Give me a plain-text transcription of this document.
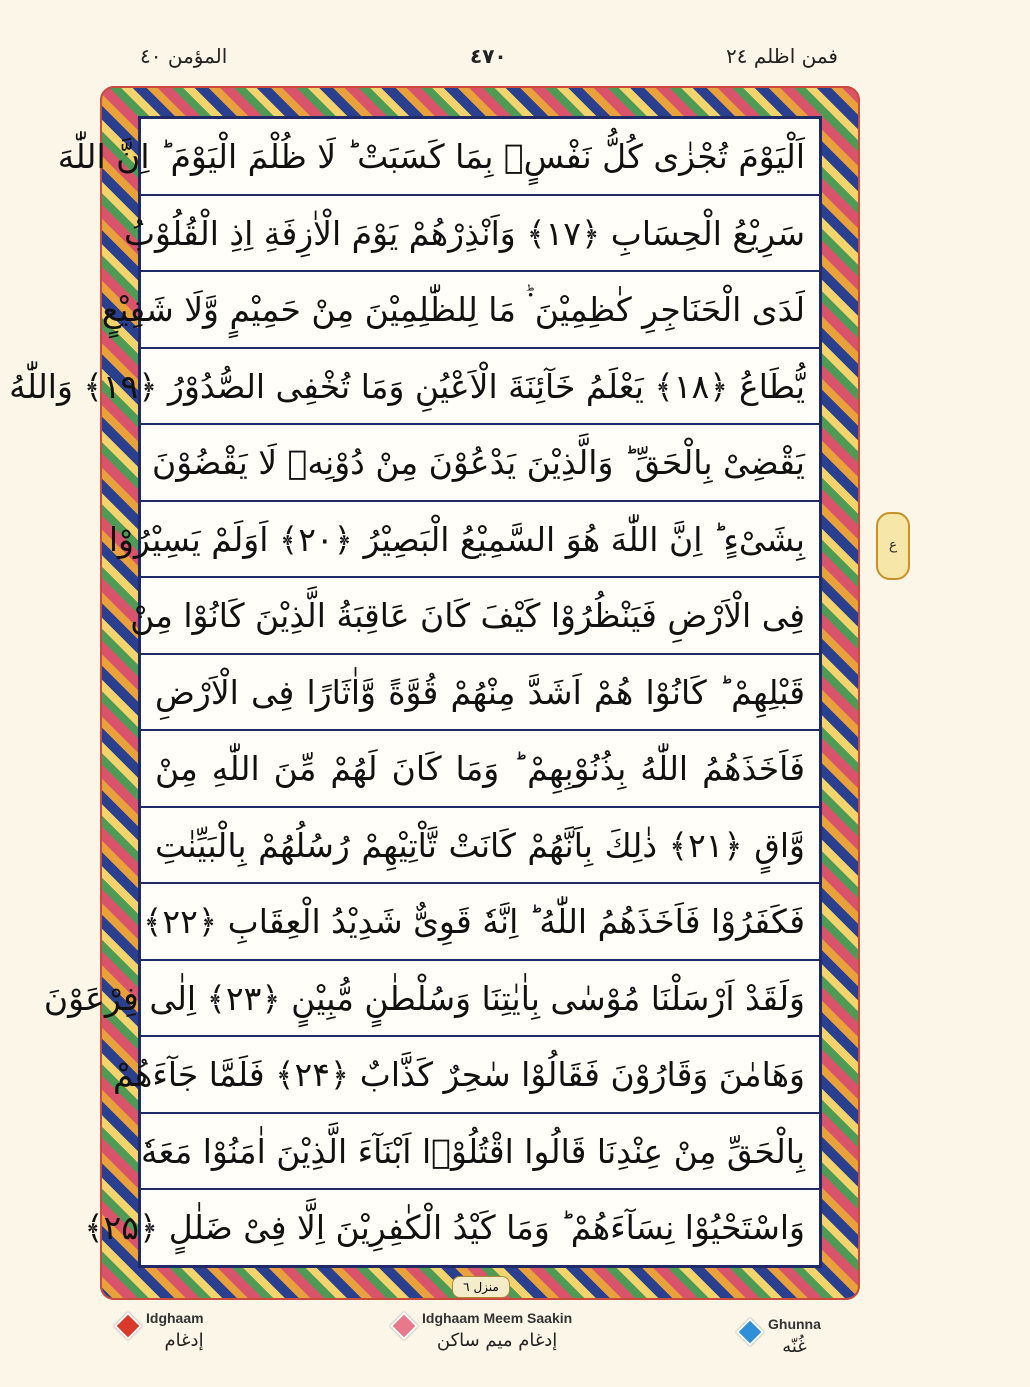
المؤمن ٤٠	٤٧٠	فمن اظلم ٢٤
اَلْيَوْمَ تُجْزٰى كُلُّ نَفْسٍۭ بِمَا كَسَبَتْ ؕ لَا ظُلْمَ الْيَوْمَ ؕ اِنَّ اللّٰهَ
سَرِيْعُ الْحِسَابِ ﴿۱۷﴾ وَاَنْذِرْهُمْ يَوْمَ الْاٰزِفَةِ اِذِ الْقُلُوْبُ
لَدَى الْحَنَاجِرِ كٰظِمِيْنَ ۬ؕ مَا لِلظّٰلِمِيْنَ مِنْ حَمِيْمٍ وَّلَا شَفِيْعٍ
يُّطَاعُ ﴿۱۸﴾ يَعْلَمُ خَآئِنَةَ الْاَعْيُنِ وَمَا تُخْفِى الصُّدُوْرُ ﴿۱۹﴾ وَاللّٰهُ
يَقْضِىْ بِالْحَقِّ ؕ وَالَّذِيْنَ يَدْعُوْنَ مِنْ دُوْنِهٖ لَا يَقْضُوْنَ
بِشَىْءٍ ؕ اِنَّ اللّٰهَ هُوَ السَّمِيْعُ الْبَصِيْرُ ﴿۲۰﴾ اَوَلَمْ يَسِيْرُوْا
فِى الْاَرْضِ فَيَنْظُرُوْا كَيْفَ كَانَ عَاقِبَةُ الَّذِيْنَ كَانُوْا مِنْ
قَبْلِهِمْ ؕ كَانُوْا هُمْ اَشَدَّ مِنْهُمْ قُوَّةً وَّاٰثَارًا فِى الْاَرْضِ
فَاَخَذَهُمُ اللّٰهُ بِذُنُوْبِهِمْ ؕ وَمَا كَانَ لَهُمْ مِّنَ اللّٰهِ مِنْ
وَّاقٍ ﴿۲۱﴾ ذٰلِكَ بِاَنَّهُمْ كَانَتْ تَّاْتِيْهِمْ رُسُلُهُمْ بِالْبَيِّنٰتِ
فَكَفَرُوْا فَاَخَذَهُمُ اللّٰهُ ؕ اِنَّهٗ قَوِىٌّ شَدِيْدُ الْعِقَابِ ﴿۲۲﴾
وَلَقَدْ اَرْسَلْنَا مُوْسٰى بِاٰيٰتِنَا وَسُلْطٰنٍ مُّبِيْنٍ ﴿۲۳﴾ اِلٰى فِرْعَوْنَ
وَهَامٰنَ وَقَارُوْنَ فَقَالُوْا سٰحِرٌ كَذَّابٌ ﴿۲۴﴾ فَلَمَّا جَآءَهُمْ
بِالْحَقِّ مِنْ عِنْدِنَا قَالُوا اقْتُلُوْۤا اَبْنَآءَ الَّذِيْنَ اٰمَنُوْا مَعَهٗ
وَاسْتَحْيُوْا نِسَآءَهُمْ ؕ وَمَا كَيْدُ الْكٰفِرِيْنَ اِلَّا فِىْ ضَلٰلٍ ﴿۲۵﴾
ع
منزل ٦
Idghaam
إدغام
Idghaam Meem Saakin
إدغام ميم ساكن
Ghunna
غُنّه
